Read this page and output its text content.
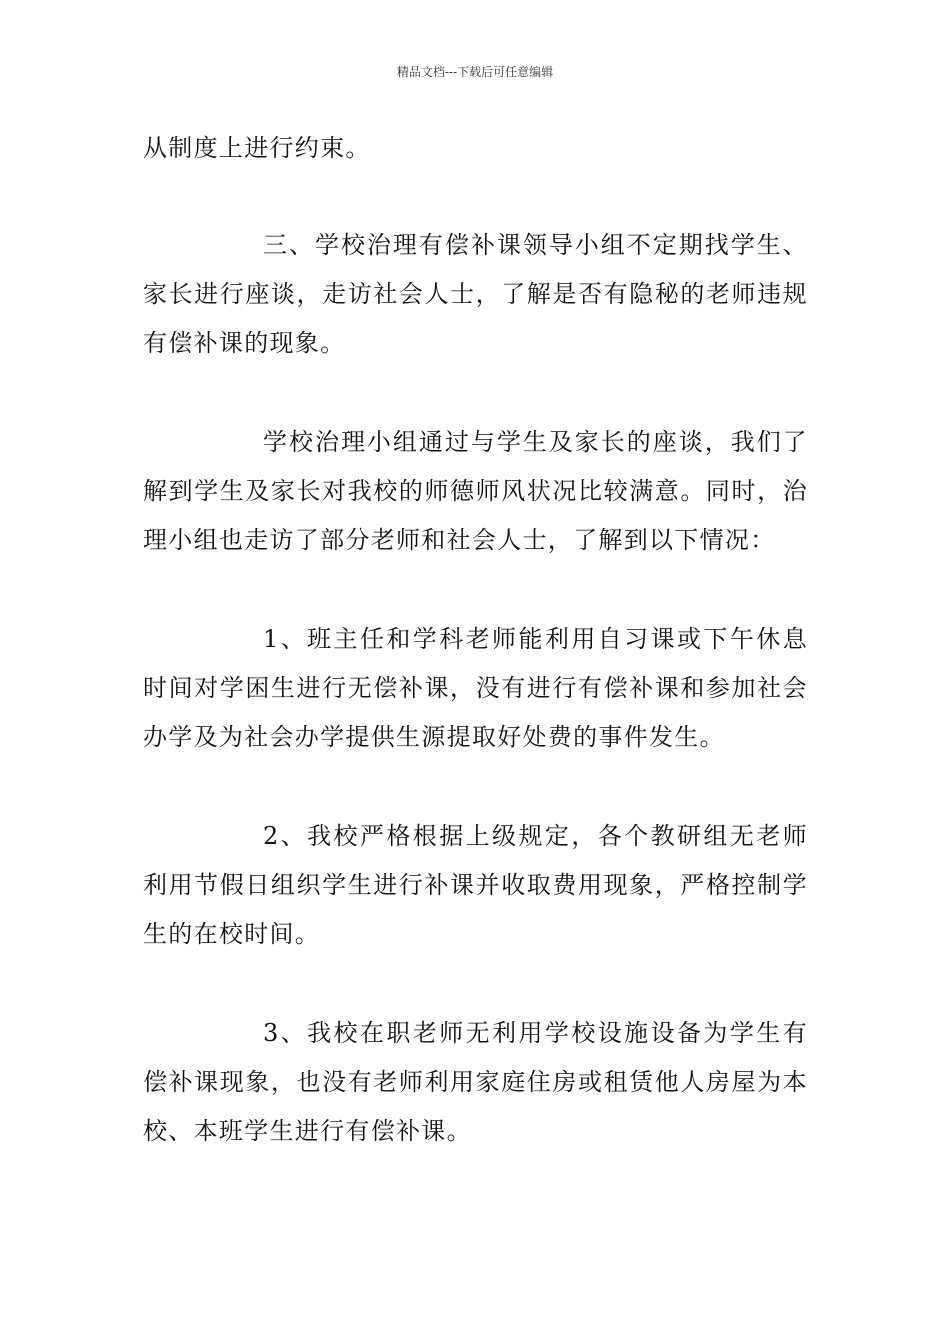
精品文档---下载后可任意编辑

从制度上进行约束。

三、学校治理有偿补课领导小组不定期找学生、家长进行座谈，走访社会人士，了解是否有隐秘的老师违规有偿补课的现象。

学校治理小组通过与学生及家长的座谈，我们了解到学生及家长对我校的师德师风状况比较满意。同时，治理小组也走访了部分老师和社会人士，了解到以下情况：

1、班主任和学科老师能利用自习课或下午休息时间对学困生进行无偿补课，没有进行有偿补课和参加社会办学及为社会办学提供生源提取好处费的事件发生。

2、我校严格根据上级规定，各个教研组无老师利用节假日组织学生进行补课并收取费用现象，严格控制学生的在校时间。

3、我校在职老师无利用学校设施设备为学生有偿补课现象，也没有老师利用家庭住房或租赁他人房屋为本校、本班学生进行有偿补课。
